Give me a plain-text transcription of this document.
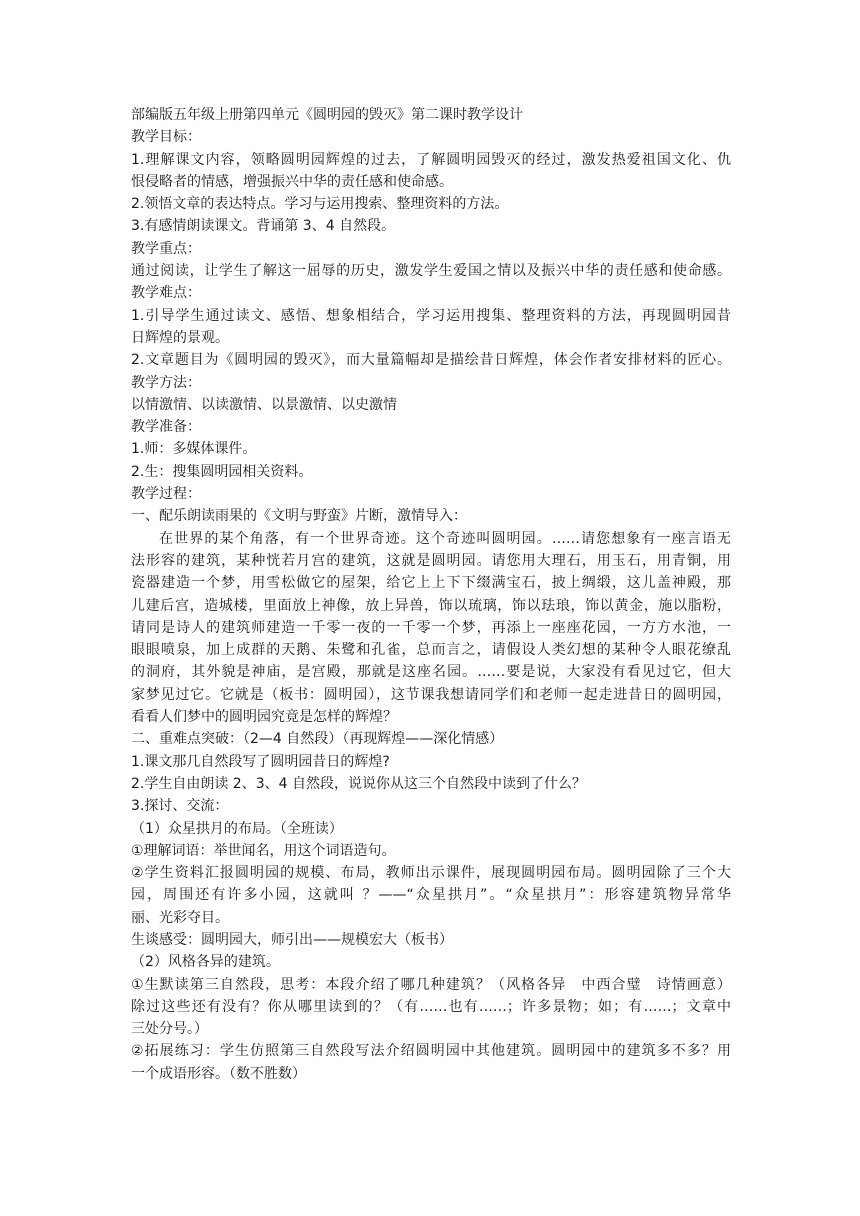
部编版五年级上册第四单元《圆明园的毁灭》第二课时教学设计
教学目标：
1.理解课文内容，领略圆明园辉煌的过去，了解圆明园毁灭的经过，激发热爱祖国文化、仇
恨侵略者的情感，增强振兴中华的责任感和使命感。
2.领悟文章的表达特点。学习与运用搜索、整理资料的方法。
3.有感情朗读课文。背诵第 3、4 自然段。
教学重点：
通过阅读，让学生了解这一屈辱的历史，激发学生爱国之情以及振兴中华的责任感和使命感。
教学难点：
1.引导学生通过读文、感悟、想象相结合，学习运用搜集、整理资料的方法，再现圆明园昔
日辉煌的景观。
2.文章题目为《圆明园的毁灭》，而大量篇幅却是描绘昔日辉煌，体会作者安排材料的匠心。
教学方法：
以情激情、以读激情、以景激情、以史激情
教学准备：
1.师：多媒体课件。
2.生：搜集圆明园相关资料。
教学过程：
一、配乐朗读雨果的《文明与野蛮》片断，激情导入：
在世界的某个角落，有一个世界奇迹。这个奇迹叫圆明园。……请您想象有一座言语无
法形容的建筑，某种恍若月宫的建筑，这就是圆明园。请您用大理石，用玉石，用青铜，用
瓷器建造一个梦，用雪松做它的屋架，给它上上下下缀满宝石，披上绸缎，这儿盖神殿，那
儿建后宫，造城楼，里面放上神像，放上异兽，饰以琉璃，饰以珐琅，饰以黄金，施以脂粉，
请同是诗人的建筑师建造一千零一夜的一千零一个梦，再添上一座座花园，一方方水池，一
眼眼喷泉，加上成群的天鹅、朱鹭和孔雀，总而言之，请假设人类幻想的某种令人眼花缭乱
的洞府，其外貌是神庙，是宫殿，那就是这座名园。……要是说，大家没有看见过它，但大
家梦见过它。它就是（板书：圆明园），这节课我想请同学们和老师一起走进昔日的圆明园，
看看人们梦中的圆明园究竟是怎样的辉煌？
二、重难点突破：（2—4 自然段）（再现辉煌——深化情感）
1.课文那几自然段写了圆明园昔日的辉煌?
2.学生自由朗读 2、3、4 自然段，说说你从这三个自然段中读到了什么？
3.探讨、交流：
（1）众星拱月的布局。（全班读）
①理解词语：举世闻名，用这个词语造句。
②学生资料汇报圆明园的规模、布局，教师出示课件，展现圆明园布局。圆明园除了三个大
园，周围还有许多小园，这就叫 ？——“众星拱月”。“众星拱月”：形容建筑物异常华
丽、光彩夺目。
生谈感受：圆明园大，师引出——规模宏大（板书）
（2）风格各异的建筑。
①生默读第三自然段，思考：本段介绍了哪几种建筑？（风格各异　中西合璧　诗情画意）
除过这些还有没有？你从哪里读到的？（有……也有……；许多景物；如；有……；文章中
三处分号。）
②拓展练习：学生仿照第三自然段写法介绍圆明园中其他建筑。圆明园中的建筑多不多？用
一个成语形容。（数不胜数）
